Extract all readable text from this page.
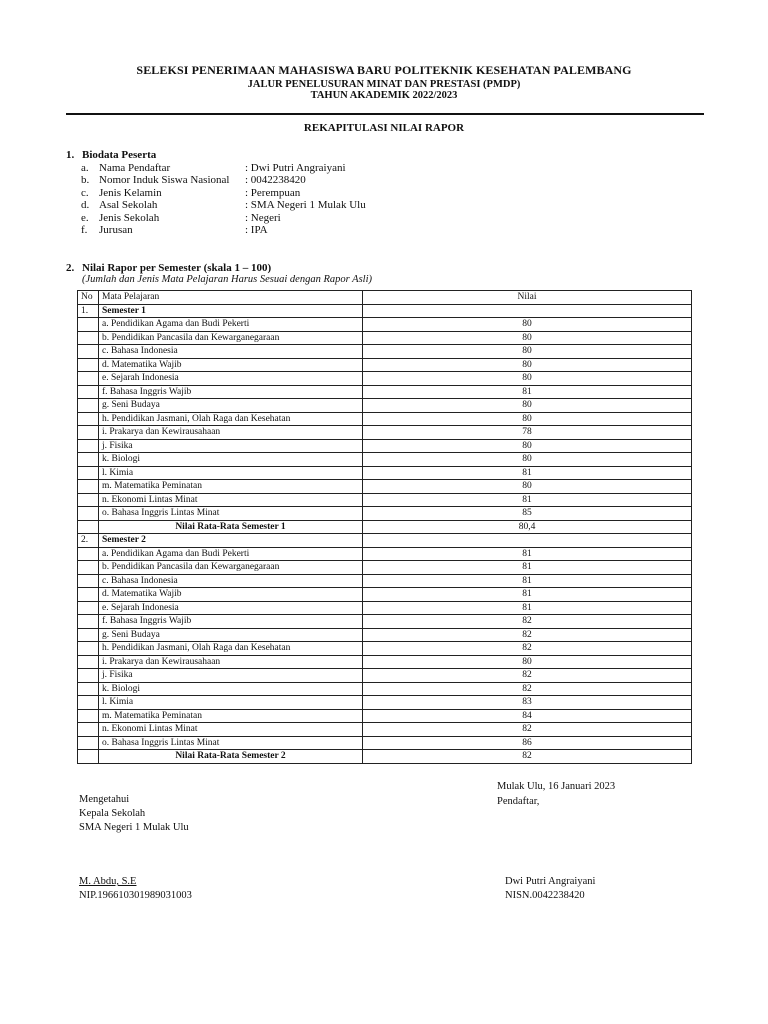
SELEKSI PENERIMAAN MAHASISWA BARU POLITEKNIK KESEHATAN PALEMBANG
JALUR PENELUSURAN MINAT DAN PRESTASI (PMDP)
TAHUN AKADEMIK 2022/2023
REKAPITULASI NILAI RAPOR
1. Biodata Peserta
a. Nama Pendaftar	: Dwi Putri Angraiyani
b. Nomor Induk Siswa Nasional	: 0042238420
c. Jenis Kelamin	: Perempuan
d. Asal Sekolah	: SMA Negeri 1 Mulak Ulu
e. Jenis Sekolah	: Negeri
f.	Jurusan	: IPA
2. Nilai Rapor per Semester (skala 1 – 100)
(Jumlah dan Jenis Mata Pelajaran Harus Sesuai dengan Rapor Asli)
No	Mata Pelajaran	Nilai
1.	Semester 1	
	a. Pendidikan Agama dan Budi Pekerti	80
	b. Pendidikan Pancasila dan Kewarganegaraan	80
	c. Bahasa Indonesia	80
	d. Matematika Wajib	80
	e. Sejarah Indonesia	80
	f. Bahasa Inggris Wajib	81
	g. Seni Budaya	80
	h. Pendidikan Jasmani, Olah Raga dan Kesehatan	80
	i. Prakarya dan Kewirausahaan	78
	j. Fisika	80
	k. Biologi	80
	l. Kimia	81
	m. Matematika Peminatan	80
	n. Ekonomi Lintas Minat	81
	o. Bahasa Inggris Lintas Minat	85
	Nilai Rata-Rata Semester 1	80,4
2.	Semester 2	
	a. Pendidikan Agama dan Budi Pekerti	81
	b. Pendidikan Pancasila dan Kewarganegaraan	81
	c. Bahasa Indonesia	81
	d. Matematika Wajib	81
	e. Sejarah Indonesia	81
	f. Bahasa Inggris Wajib	82
	g. Seni Budaya	82
	h. Pendidikan Jasmani, Olah Raga dan Kesehatan	82
	i. Prakarya dan Kewirausahaan	80
	j. Fisika	82
	k. Biologi	82
	l. Kimia	83
	m. Matematika Peminatan	84
	n. Ekonomi Lintas Minat	82
	o. Bahasa Inggris Lintas Minat	86
	Nilai Rata-Rata Semester 2	82
Mulak Ulu, 16 Januari 2023
Pendaftar,
Mengetahui
Kepala Sekolah
SMA Negeri 1 Mulak Ulu
M. Abdu, S.E
NIP.196610301989031003
Dwi Putri Angraiyani
NISN.0042238420
